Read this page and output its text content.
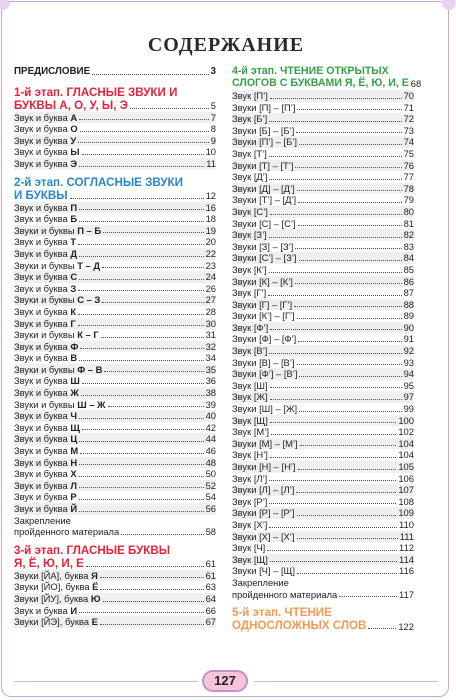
СОДЕРЖАНИЕ
ПРЕДИСЛОВИЕ	3
1-й этап. ГЛАСНЫЕ ЗВУКИ И
БУКВЫ А, О, У, Ы, Э	5
Звук и буква А	7
Звук и буква О	8
Звук и буква У	9
Звук и буква Ы	10
Звук и буква Э	11
2-й этап. СОГЛАСНЫЕ ЗВУКИ
И БУКВЫ	12
Звук и буква П	16
Звук и буква Б	18
Звуки и буквы П – Б	19
Звук и буква Т	20
Звук и буква Д	22
Звуки и буквы Т – Д	23
Звук и буква С	24
Звук и буква З	26
Звуки и буквы С – З	27
Звук и буква К	28
Звук и буква Г	30
Звуки и буквы К – Г	31
Звук и буква Ф	32
Звук и буква В	34
Звуки и буквы Ф – В	35
Звук и буква Ш	36
Звук и буква Ж	38
Звуки и буквы Ш – Ж	39
Звук и буква Ч	40
Звук и буква Щ	42
Звук и буква Ц	44
Звук и буква М	46
Звук и буква Н	48
Звук и буква Х	50
Звук и буква Л	52
Звук и буква Р	54
Звук и буква Й	56
Закрепление
пройденного материала	58
3-й этап. ГЛАСНЫЕ БУКВЫ
Я, Ё, Ю, И, Е	61
Звуки [ЙА], буква Я	61
Звуки [ЙО], буква Ё	63
Звуки [ЙУ], буква Ю	64
Звук и буква И	66
Звуки [ЙЭ], буква Е	67
4-й этап. ЧТЕНИЕ ОТКРЫТЫХ
СЛОГОВ С БУКВАМИ Я, Ё, Ю, И, Е 68
Звук [П’]	70
Звуки [П] – [П’]	71
Звук [Б’]	72
Звуки [Б] – [Б’]	73
Звуки [П’] – [Б’]	74
Звук [Т’]	75
Звуки [Т] – [Т’]	76
Звук [Д’]	77
Звуки [Д] – [Д’]	78
Звуки [Т’] – [Д’]	79
Звук [С’]	80
Звуки [С] – [С’]	81
Звук [З’]	82
Звуки [З] – [З’]	83
Звуки [С’] – [З’]	84
Звук [К’]	85
Звуки [К] – [К’]	86
Звук [Г’]	87
Звуки [Г] – [Г’]	88
Звуки [К’] – [Г’]	89
Звук [Ф’]	90
Звуки [Ф] – [Ф’]	91
Звук [В’]	92
Звуки [В] – [В’]	93
Звуки [Ф’] – [В’]	94
Звук [Ш]	95
Звук [Ж]	97
Звуки [Ш] – [Ж]	99
Звук [Щ]	100
Звук [М’]	102
Звуки [М] – [М’]	104
Звук [Н’]	104
Звуки [Н] – [Н’]	105
Звук [Л’]	106
Звуки [Л] – [Л’]	107
Звук [Р’]	108
Звуки [Р] – [Р’]	109
Звук [Х’]	110
Звуки [Х] – [Х’]	111
Звук [Ч]	112
Звук [Щ]	114
Звуки [Ч] – [Щ]	116
Закрепление
пройденного материала	117
5-й этап. ЧТЕНИЕ
ОДНОСЛОЖНЫХ СЛОВ	122
127
